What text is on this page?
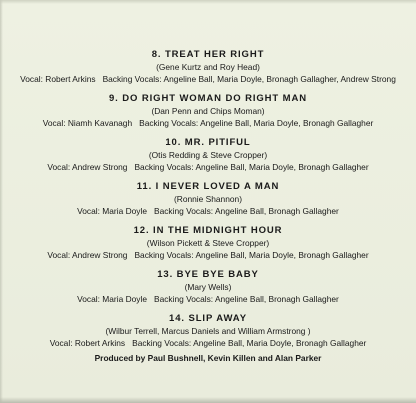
8. TREAT HER RIGHT
(Gene Kurtz and Roy Head)
Vocal: Robert Arkins Backing Vocals: Angeline Ball, Maria Doyle, Bronagh Gallagher, Andrew Strong
9. DO RIGHT WOMAN DO RIGHT MAN
(Dan Penn and Chips Moman)
Vocal: Niamh Kavanagh Backing Vocals: Angeline Ball, Maria Doyle, Bronagh Gallagher
10. MR. PITIFUL
(Otis Redding & Steve Cropper)
Vocal: Andrew Strong Backing Vocals: Angeline Ball, Maria Doyle, Bronagh Gallagher
11. I NEVER LOVED A MAN
(Ronnie Shannon)
Vocal: Maria Doyle Backing Vocals: Angeline Ball, Bronagh Gallagher
12. IN THE MIDNIGHT HOUR
(Wilson Pickett & Steve Cropper)
Vocal: Andrew Strong Backing Vocals: Angeline Ball, Maria Doyle, Bronagh Gallagher
13. BYE BYE BABY
(Mary Wells)
Vocal: Maria Doyle Backing Vocals: Angeline Ball, Bronagh Gallagher
14. SLIP AWAY
(Wilbur Terrell, Marcus Daniels and William Armstrong )
Vocal: Robert Arkins Backing Vocals: Angeline Ball, Maria Doyle, Bronagh Gallagher
Produced by Paul Bushnell, Kevin Killen and Alan Parker
